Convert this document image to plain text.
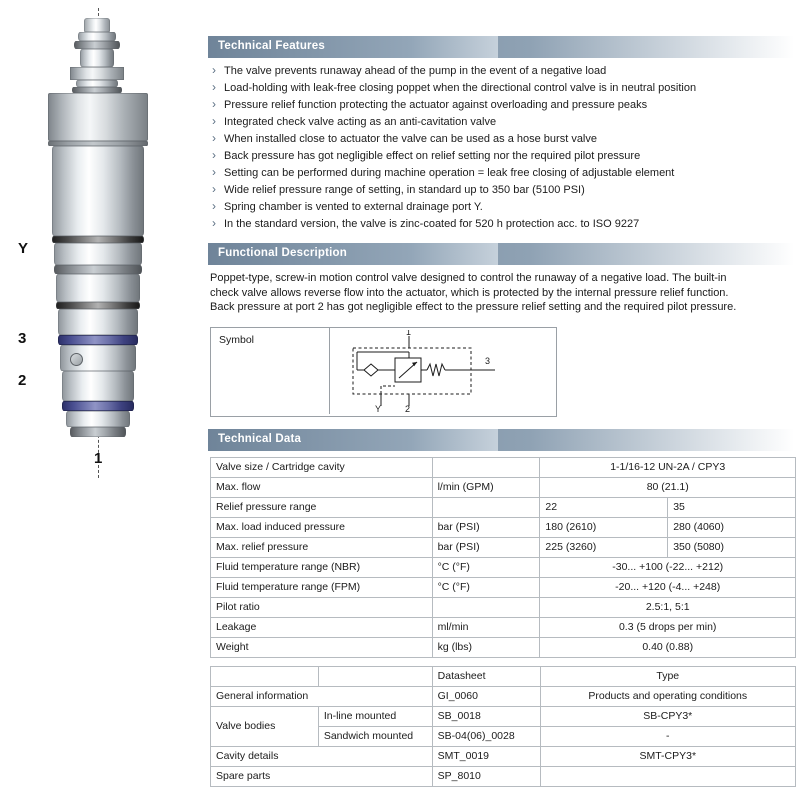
Y
3
2
1
Technical Features
› The valve prevents runaway ahead of the pump in the event of a negative load
› Load-holding with leak-free closing poppet when the directional control valve is in neutral position
› Pressure relief function protecting the actuator against overloading and pressure peaks
› Integrated check valve acting as an anti-cavitation valve
› When installed close to actuator the valve can be used as a hose burst valve
› Back pressure has got negligible effect on relief setting nor the required pilot pressure
› Setting can be performed during machine operation = leak free closing of adjustable element
› Wide relief pressure range of setting, in standard up to 350 bar (5100 PSI)
› Spring chamber is vented to external drainage port Y.
› In the standard version, the valve is zinc-coated for 520 h protection acc. to ISO 9227
Functional Description
Poppet-type, screw-in motion control valve designed to control the runaway of a negative load. The built-in
check valve allows reverse flow into the actuator, which is protected by the internal pressure relief function.
Back pressure at port 2 has got negligible effect to the pressure relief setting and the required pilot pressure.
Symbol
1
3
Y	2
Technical Data
Valve size / Cartridge cavity		1-1/16-12 UN-2A / CPY3	
Max. flow	l/min (GPM)	80 (21.1)	
Relief pressure range		22	35
Max. load induced pressure	bar (PSI)	180 (2610)	280 (4060)
Max. relief pressure	bar (PSI)	225 (3260)	350 (5080)
Fluid temperature range (NBR)	°C (°F)	-30... +100 (-22... +212)	
Fluid temperature range (FPM)	°C (°F)	-20... +120 (-4... +248)	
Pilot ratio		2.5:1, 5:1	
Leakage	ml/min	0.3 (5 drops per min)	
Weight	kg (lbs)	0.40 (0.88)	
		Datasheet	Type
General information		GI_0060	Products and operating conditions
Valve bodies	In-line mounted	SB_0018	SB-CPY3*
	Sandwich mounted	SB-04(06)_0028	-
Cavity details		SMT_0019	SMT-CPY3*
Spare parts		SP_8010	
